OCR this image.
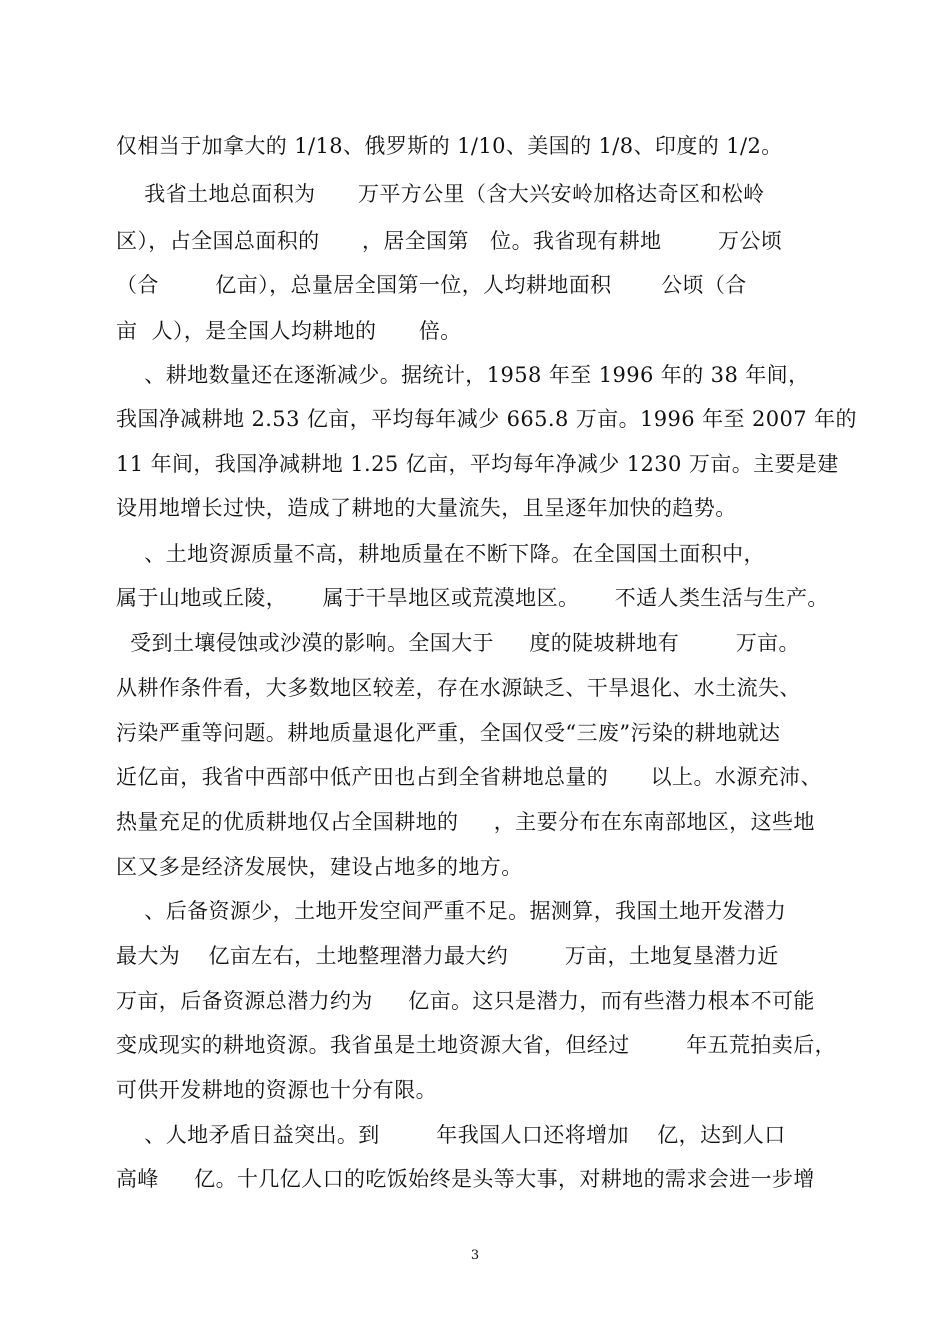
仅相当于加拿大的 1/18、俄罗斯的 1/10、美国的 1/8、印度的 1/2。
我省土地总面积为      万平方公里（含大兴安岭加格达奇区和松岭
区），占全国总面积的      ，居全国第   位。我省现有耕地        万公顷
（合        亿亩），总量居全国第一位，人均耕地面积       公顷（合
亩  人），是全国人均耕地的      倍。
、耕地数量还在逐渐减少。据统计，1958 年至 1996 年的 38 年间，
我国净减耕地 2.53 亿亩，平均每年减少 665.8 万亩。1996 年至 2007 年的
11 年间，我国净减耕地 1.25 亿亩，平均每年净减少 1230 万亩。主要是建
设用地增长过快，造成了耕地的大量流失，且呈逐年加快的趋势。
、土地资源质量不高，耕地质量在不断下降。在全国国土面积中，
属于山地或丘陵，     属于干旱地区或荒漠地区。     不适人类生活与生产。
受到土壤侵蚀或沙漠的影响。全国大于     度的陡坡耕地有        万亩。
从耕作条件看，大多数地区较差，存在水源缺乏、干旱退化、水土流失、
污染严重等问题。耕地质量退化严重，全国仅受“三废”污染的耕地就达
近亿亩，我省中西部中低产田也占到全省耕地总量的      以上。水源充沛、
热量充足的优质耕地仅占全国耕地的     ，主要分布在东南部地区，这些地
区又多是经济发展快，建设占地多的地方。
、后备资源少，土地开发空间严重不足。据测算，我国土地开发潜力
最大为    亿亩左右，土地整理潜力最大约        万亩，土地复垦潜力近
万亩，后备资源总潜力约为     亿亩。这只是潜力，而有些潜力根本不可能
变成现实的耕地资源。我省虽是土地资源大省，但经过        年五荒拍卖后，
可供开发耕地的资源也十分有限。
、人地矛盾日益突出。到        年我国人口还将增加    亿，达到人口
高峰     亿。十几亿人口的吃饭始终是头等大事，对耕地的需求会进一步增
3
